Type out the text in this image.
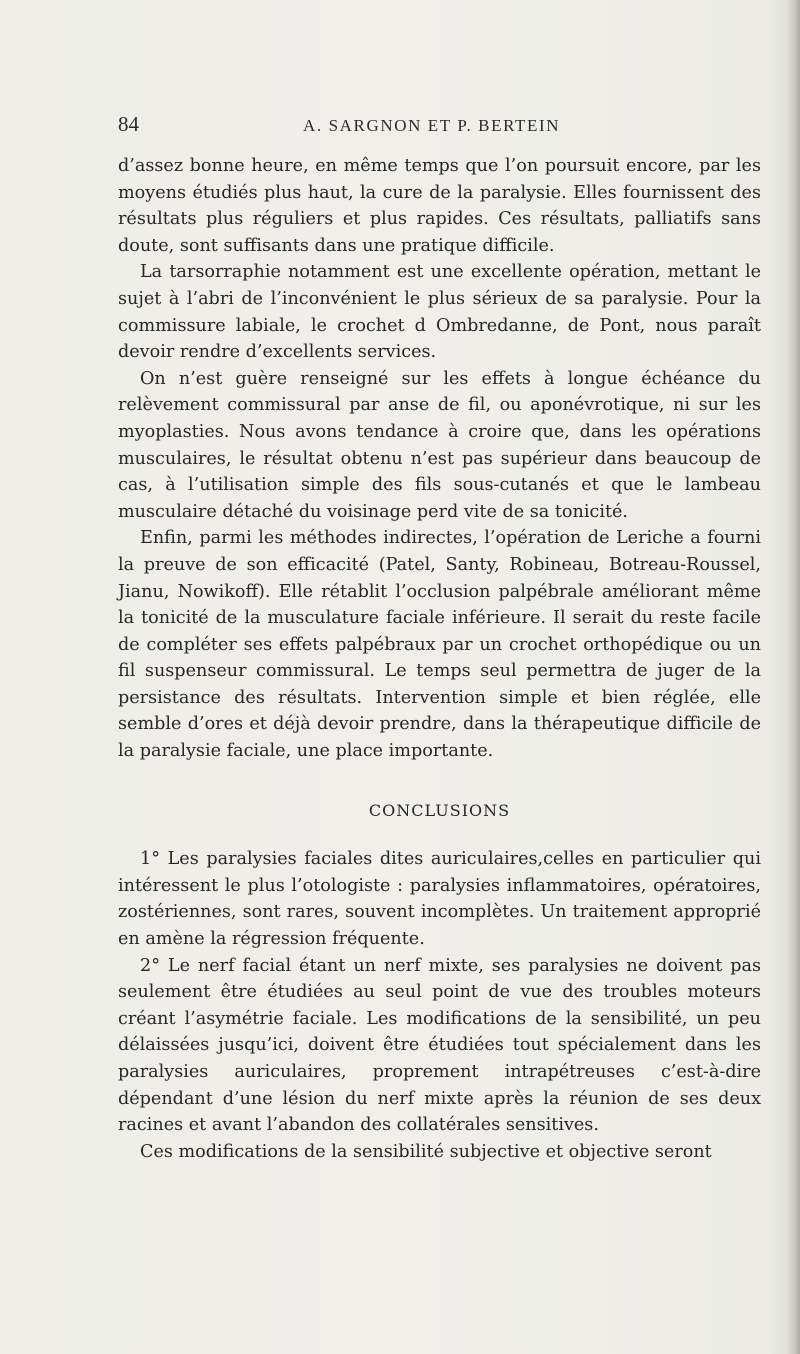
84	A. SARGNON ET P. BERTEIN

d’assez bonne heure, en même temps que l’on poursuit encore, par les moyens étudiés plus haut, la cure de la paralysie. Elles fournissent des résultats plus réguliers et plus rapides. Ces résultats, palliatifs sans doute, sont suffisants dans une pratique difficile.

La tarsorraphie notamment est une excellente opération, mettant le sujet à l’abri de l’inconvénient le plus sérieux de sa paralysie. Pour la commissure labiale, le crochet d Ombredanne, de Pont, nous paraît devoir rendre d’excellents services.

On n’est guère renseigné sur les effets à longue échéance du relèvement commissural par anse de fil, ou aponévrotique, ni sur les myoplasties. Nous avons tendance à croire que, dans les opérations musculaires, le résultat obtenu n’est pas supérieur dans beaucoup de cas, à l’utilisation simple des fils sous-cutanés et que le lambeau musculaire détaché du voisinage perd vite de sa tonicité.

Enfin, parmi les méthodes indirectes, l’opération de Leriche a fourni la preuve de son efficacité (Patel, Santy, Robineau, Botreau-Roussel, Jianu, Nowikoff). Elle rétablit l’occlusion palpébrale améliorant même la tonicité de la musculature faciale inférieure. Il serait du reste facile de compléter ses effets palpébraux par un crochet orthopédique ou un fil suspenseur commissural. Le temps seul permettra de juger de la persistance des résultats. Intervention simple et bien réglée, elle semble d’ores et déjà devoir prendre, dans la thérapeutique difficile de la paralysie faciale, une place importante.

CONCLUSIONS

1° Les paralysies faciales dites auriculaires,celles en particulier qui intéressent le plus l’otologiste : paralysies inflammatoires, opératoires, zostériennes, sont rares, souvent incomplètes. Un traitement approprié en amène la régression fréquente.

2° Le nerf facial étant un nerf mixte, ses paralysies ne doivent pas seulement être étudiées au seul point de vue des troubles moteurs créant l’asymétrie faciale. Les modifications de la sensibilité, un peu délaissées jusqu’ici, doivent être étudiées tout spécialement dans les paralysies auriculaires, proprement intrapétreuses c’est-à-dire dépendant d’une lésion du nerf mixte après la réunion de ses deux racines et avant l’abandon des collatérales sensitives.

Ces modifications de la sensibilité subjective et objective seront
